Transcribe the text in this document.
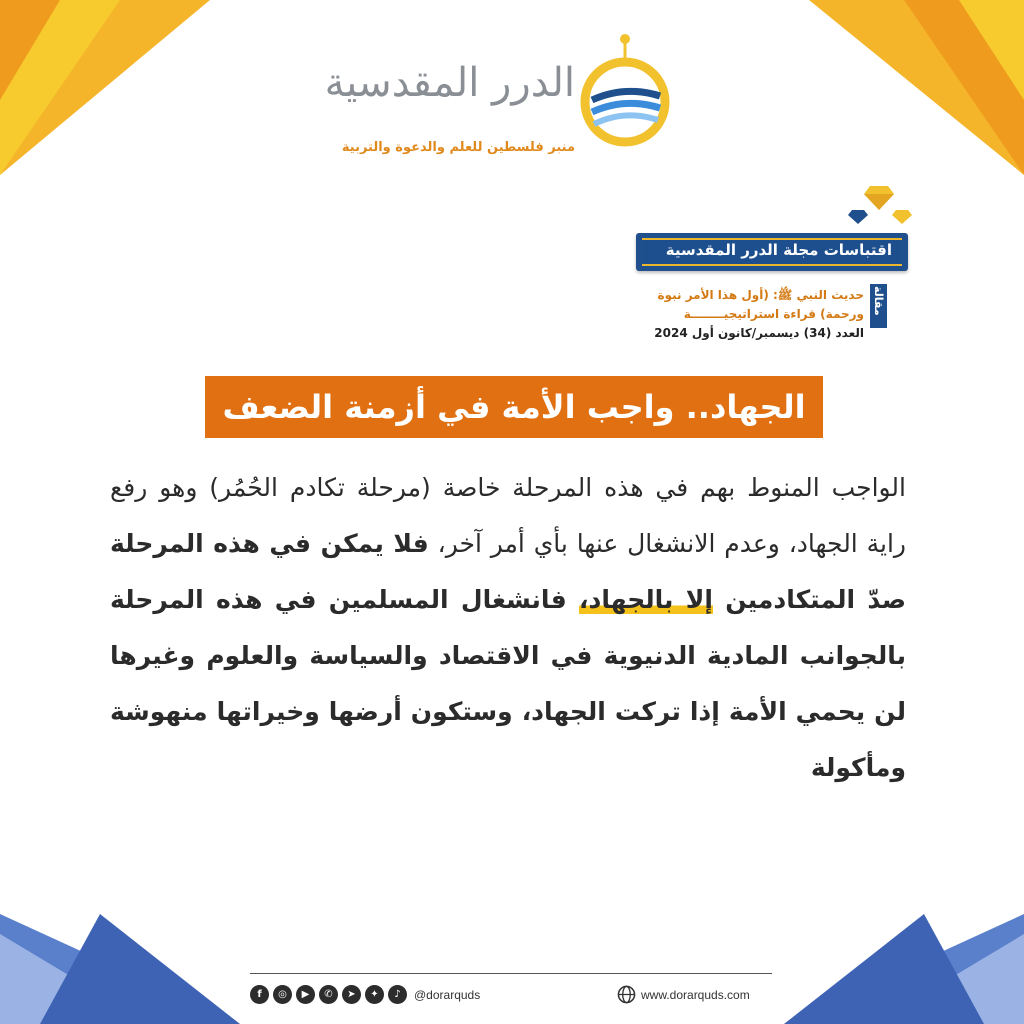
الدرر المقدسية
منبر فلسطين للعلم والدعوة والتربية
اقتباسات مجلة الدرر المقدسية
مقالة
حديث النبي ﷺ: (أول هذا الأمر نبوة
ورحمة) قراءة استراتيجيــــــــة
العدد (34) ديسمبر/كانون أول 2024
الجهاد.. واجب الأمة في أزمنة الضعف
الواجب المنوط بهم في هذه المرحلة خاصة (مرحلة تكادم الحُمُر) وهو رفع راية الجهاد، وعدم الانشغال عنها بأي أمر آخر، فلا يمكن في هذه المرحلة صدّ المتكادمين إلا بالجهاد، فانشغال المسلمين في هذه المرحلة بالجوانب المادية الدنيوية في الاقتصاد والسياسة والعلوم وغيرها لن يحمي الأمة إذا تركت الجهاد، وستكون أرضها وخيراتها منهوشة ومأكولة
f	◎	▶	✆	➤	✦	♪	@dorarquds	www.dorarquds.com
